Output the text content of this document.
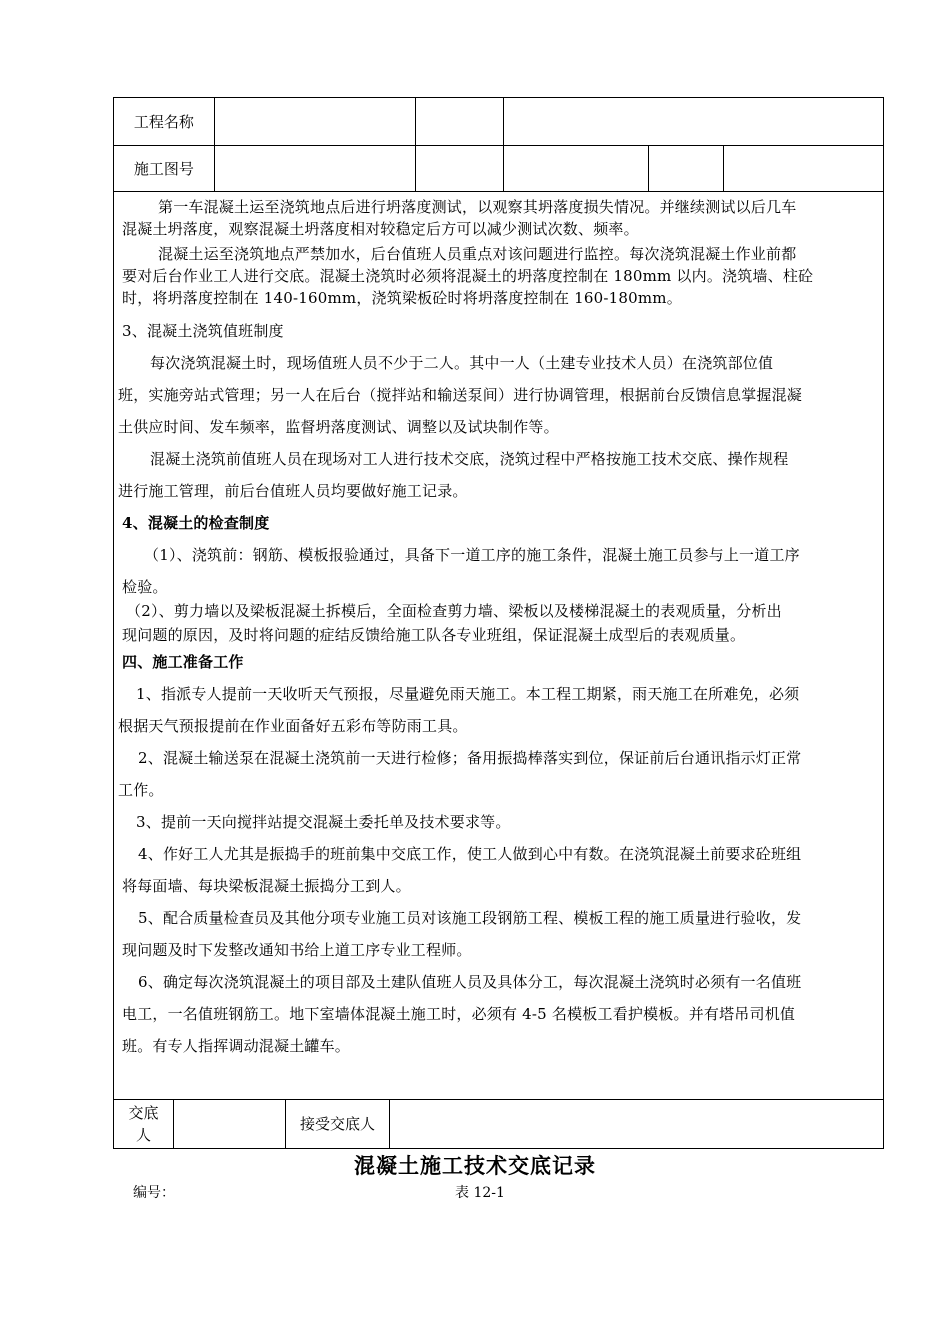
工程名称
施工图号

第一车混凝土运至浇筑地点后进行坍落度测试，以观察其坍落度损失情况。并继续测试以后几车

混凝土坍落度，观察混凝土坍落度相对较稳定后方可以减少测试次数、频率。

混凝土运至浇筑地点严禁加水，后台值班人员重点对该问题进行监控。每次浇筑混凝土作业前都

要对后台作业工人进行交底。混凝土浇筑时必须将混凝土的坍落度控制在 180mm 以内。浇筑墙、柱砼

时，将坍落度控制在 140-160mm，浇筑梁板砼时将坍落度控制在 160-180mm。

3、混凝土浇筑值班制度

每次浇筑混凝土时，现场值班人员不少于二人。其中一人（土建专业技术人员）在浇筑部位值

班，实施旁站式管理；另一人在后台（搅拌站和输送泵间）进行协调管理，根据前台反馈信息掌握混凝

土供应时间、发车频率，监督坍落度测试、调整以及试块制作等。

混凝土浇筑前值班人员在现场对工人进行技术交底，浇筑过程中严格按施工技术交底、操作规程

进行施工管理，前后台值班人员均要做好施工记录。

4、混凝土的检查制度

（1）、浇筑前：钢筋、模板报验通过，具备下一道工序的施工条件，混凝土施工员参与上一道工序

检验。

（2）、剪力墙以及梁板混凝土拆模后，全面检查剪力墙、梁板以及楼梯混凝土的表观质量，分析出

现问题的原因，及时将问题的症结反馈给施工队各专业班组，保证混凝土成型后的表观质量。

四、施工准备工作

1、指派专人提前一天收听天气预报，尽量避免雨天施工。本工程工期紧，雨天施工在所难免，必须

根据天气预报提前在作业面备好五彩布等防雨工具。

2、混凝土输送泵在混凝土浇筑前一天进行检修；备用振捣棒落实到位，保证前后台通讯指示灯正常

工作。

3、提前一天向搅拌站提交混凝土委托单及技术要求等。

4、作好工人尤其是振捣手的班前集中交底工作，使工人做到心中有数。在浇筑混凝土前要求砼班组

将每面墙、每块梁板混凝土振捣分工到人。

5、配合质量检查员及其他分项专业施工员对该施工段钢筋工程、模板工程的施工质量进行验收，发

现问题及时下发整改通知书给上道工序专业工程师。

6、确定每次浇筑混凝土的项目部及土建队值班人员及具体分工，每次混凝土浇筑时必须有一名值班

电工，一名值班钢筋工。地下室墙体混凝土施工时，必须有 4-5 名模板工看护模板。并有塔吊司机值

班。有专人指挥调动混凝土罐车。

交底人
接受交底人
混凝土施工技术交底记录
编号：	表 12-1
